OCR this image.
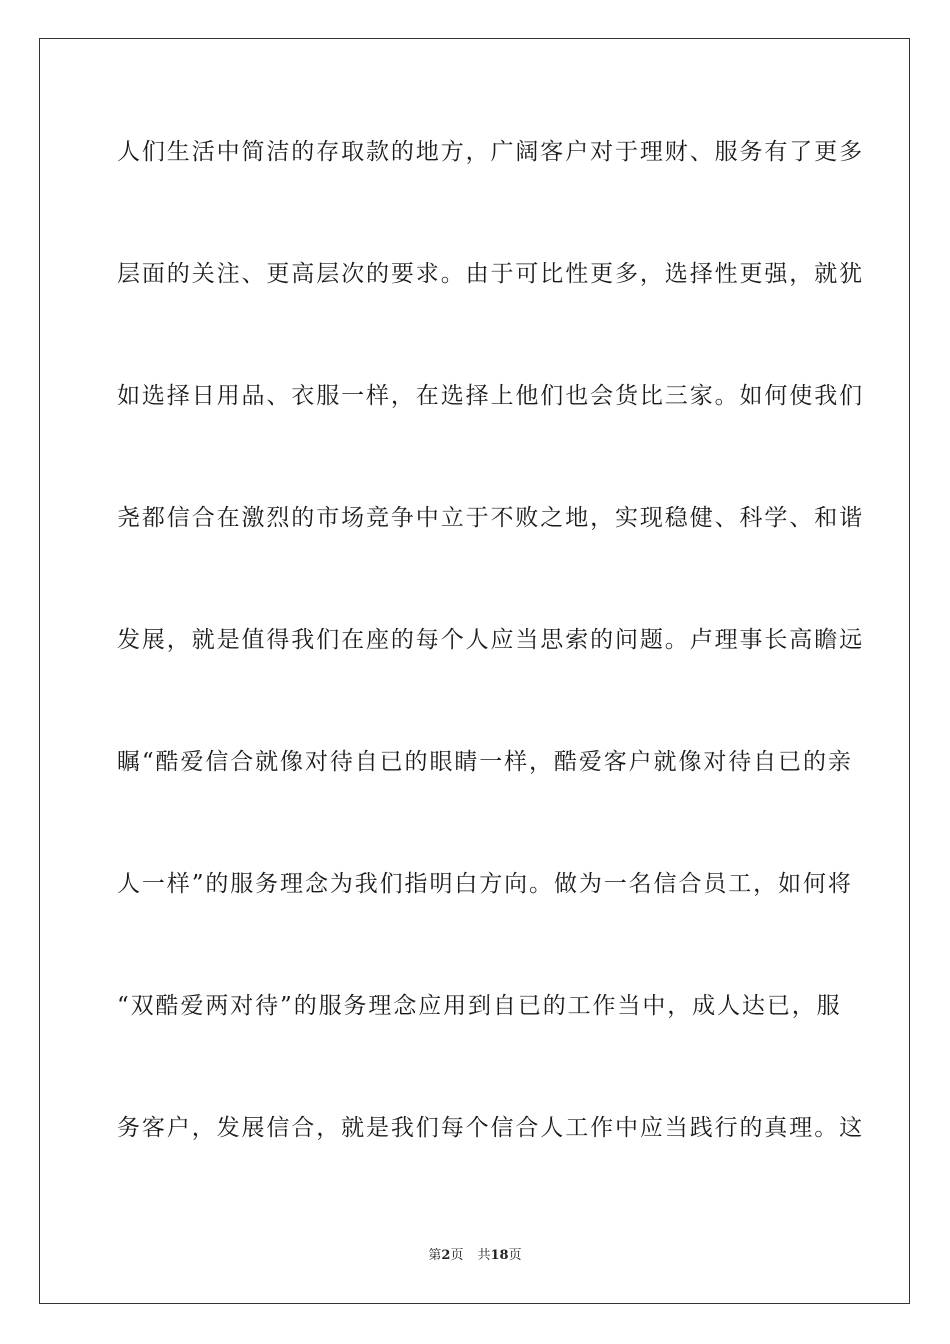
人们生活中简洁的存取款的地方，广阔客户对于理财、服务有了更多
层面的关注、更高层次的要求。由于可比性更多，选择性更强，就犹
如选择日用品、衣服一样，在选择上他们也会货比三家。如何使我们
尧都信合在激烈的市场竞争中立于不败之地，实现稳健、科学、和谐
发展，就是值得我们在座的每个人应当思索的问题。卢理事长高瞻远
瞩“酷爱信合就像对待自已的眼睛一样，酷爱客户就像对待自已的亲
人一样”的服务理念为我们指明白方向。做为一名信合员工，如何将
“双酷爱两对待”的服务理念应用到自已的工作当中，成人达已，服
务客户，发展信合，就是我们每个信合人工作中应当践行的真理。这
第2页 共18页
